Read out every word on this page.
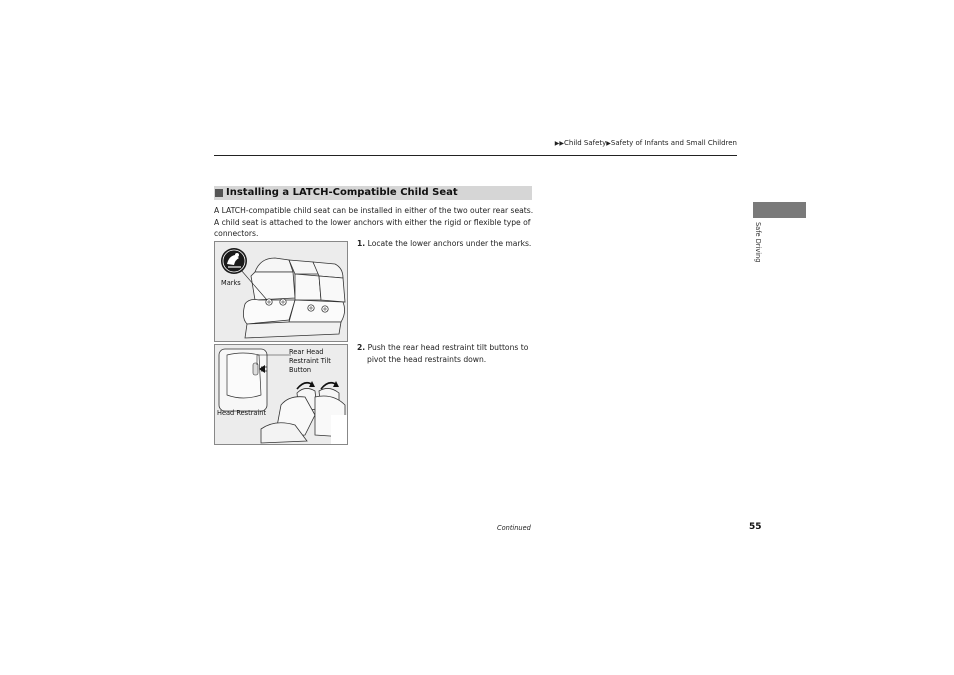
▶▶Child Safety▶Safety of Infants and Small Children
Installing a LATCH-Compatible Child Seat
A LATCH-compatible child seat can be installed in either of the two outer rear seats. A child seat is attached to the lower anchors with either the rigid or flexible type of connectors.
Marks
1. Locate the lower anchors under the marks.
Rear Head
Restraint Tilt
Button
Head Restraint
2. Push the rear head restraint tilt buttons to
pivot the head restraints down.
Safe Driving
Continued	55
